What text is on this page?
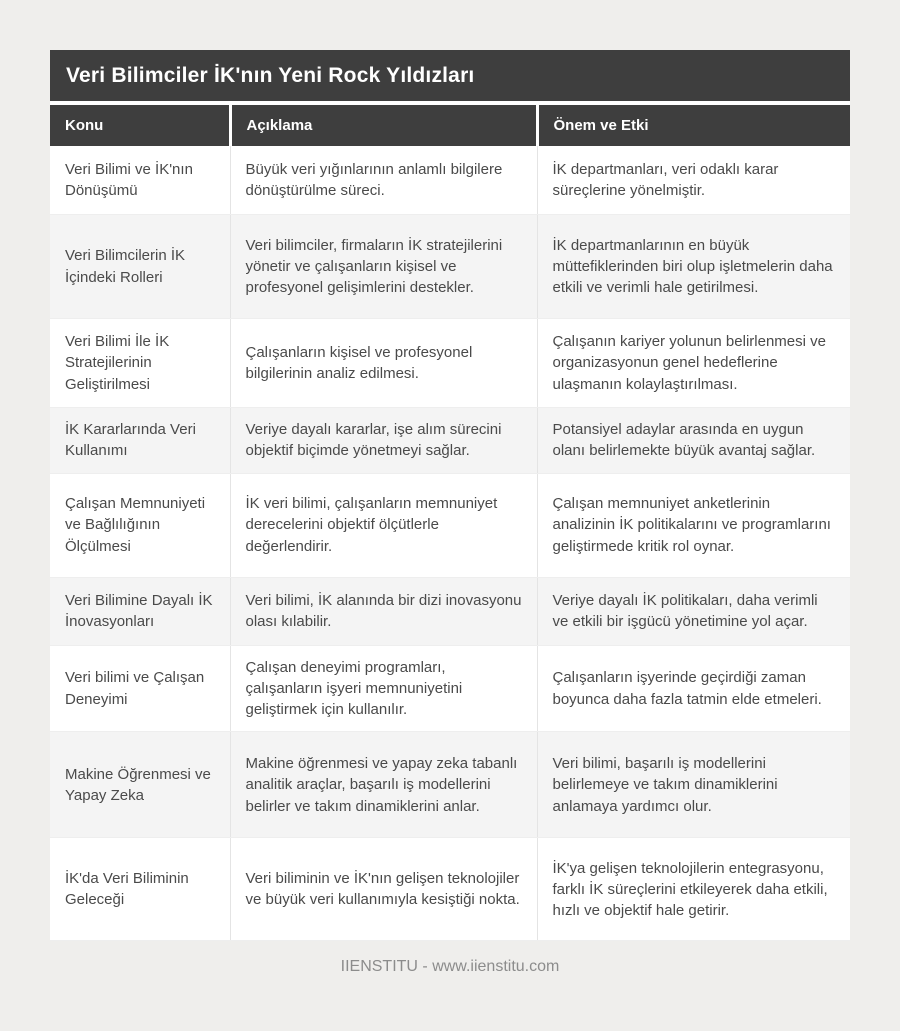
Veri Bilimciler İK'nın Yeni Rock Yıldızları
Konu	Açıklama	Önem ve Etki
Veri Bilimi ve İK'nın Dönüşümü	Büyük veri yığınlarının anlamlı bilgilere dönüştürülme süreci.	İK departmanları, veri odaklı karar süreçlerine yönelmiştir.
Veri Bilimcilerin İK İçindeki Rolleri	Veri bilimciler, firmaların İK stratejilerini yönetir ve çalışanların kişisel ve profesyonel gelişimlerini destekler.	İK departmanlarının en büyük müttefiklerinden biri olup işletmelerin daha etkili ve verimli hale getirilmesi.
Veri Bilimi İle İK Stratejilerinin Geliştirilmesi	Çalışanların kişisel ve profesyonel bilgilerinin analiz edilmesi.	Çalışanın kariyer yolunun belirlenmesi ve organizasyonun genel hedeflerine ulaşmanın kolaylaştırılması.
İK Kararlarında Veri Kullanımı	Veriye dayalı kararlar, işe alım sürecini objektif biçimde yönetmeyi sağlar.	Potansiyel adaylar arasında en uygun olanı belirlemekte büyük avantaj sağlar.
Çalışan Memnuniyeti ve Bağlılığının Ölçülmesi	İK veri bilimi, çalışanların memnuniyet derecelerini objektif ölçütlerle değerlendirir.	Çalışan memnuniyet anketlerinin analizinin İK politikalarını ve programlarını geliştirmede kritik rol oynar.
Veri Bilimine Dayalı İK İnovasyonları	Veri bilimi, İK alanında bir dizi inovasyonu olası kılabilir.	Veriye dayalı İK politikaları, daha verimli ve etkili bir işgücü yönetimine yol açar.
Veri bilimi ve Çalışan Deneyimi	Çalışan deneyimi programları, çalışanların işyeri memnuniyetini geliştirmek için kullanılır.	Çalışanların işyerinde geçirdiği zaman boyunca daha fazla tatmin elde etmeleri.
Makine Öğrenmesi ve Yapay Zeka	Makine öğrenmesi ve yapay zeka tabanlı analitik araçlar, başarılı iş modellerini belirler ve takım dinamiklerini anlar.	Veri bilimi, başarılı iş modellerini belirlemeye ve takım dinamiklerini anlamaya yardımcı olur.
İK'da Veri Biliminin Geleceği	Veri biliminin ve İK'nın gelişen teknolojiler ve büyük veri kullanımıyla kesiştiği nokta.	İK'ya gelişen teknolojilerin entegrasyonu, farklı İK süreçlerini etkileyerek daha etkili, hızlı ve objektif hale getirir.
IIENSTITU - www.iienstitu.com
